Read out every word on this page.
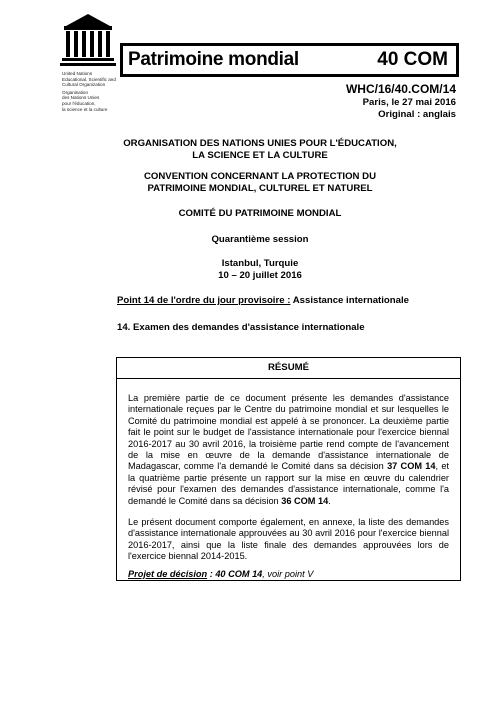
United Nations
Educational, Scientific and
Cultural Organization

Organisation
des Nations Unies
pour l'éducation,
la science et la culture

Patrimoine mondial	40 COM
WHC/16/40.COM/14
Paris, le 27 mai 2016
Original : anglais
ORGANISATION DES NATIONS UNIES POUR L'ÉDUCATION,
LA SCIENCE ET LA CULTURE
CONVENTION CONCERNANT LA PROTECTION DU
PATRIMOINE MONDIAL, CULTUREL ET NATUREL
COMITÉ DU PATRIMOINE MONDIAL
Quarantième session
Istanbul, Turquie
10 – 20 juillet 2016
Point 14 de l'ordre du jour provisoire : Assistance internationale
14. Examen des demandes d'assistance internationale
RÉSUMÉ
La première partie de ce document présente les demandes d'assistance internationale reçues par le Centre du patrimoine mondial et sur lesquelles le Comité du patrimoine mondial est appelé à se prononcer. La deuxième partie fait le point sur le budget de l'assistance internationale pour l'exercice biennal 2016-2017 au 30 avril 2016, la troisième partie rend compte de l'avancement de la mise en œuvre de la demande d'assistance internationale de Madagascar, comme l'a demandé le Comité dans sa décision 37 COM 14, et la quatrième partie présente un rapport sur la mise en œuvre du calendrier révisé pour l'examen des demandes d'assistance internationale, comme l'a demandé le Comité dans sa décision 36 COM 14.
Le présent document comporte également, en annexe, la liste des demandes d'assistance internationale approuvées au 30 avril 2016 pour l'exercice biennal 2016-2017, ainsi que la liste finale des demandes approuvées lors de l'exercice biennal 2014-2015.
Projet de décision : 40 COM 14, voir point V
